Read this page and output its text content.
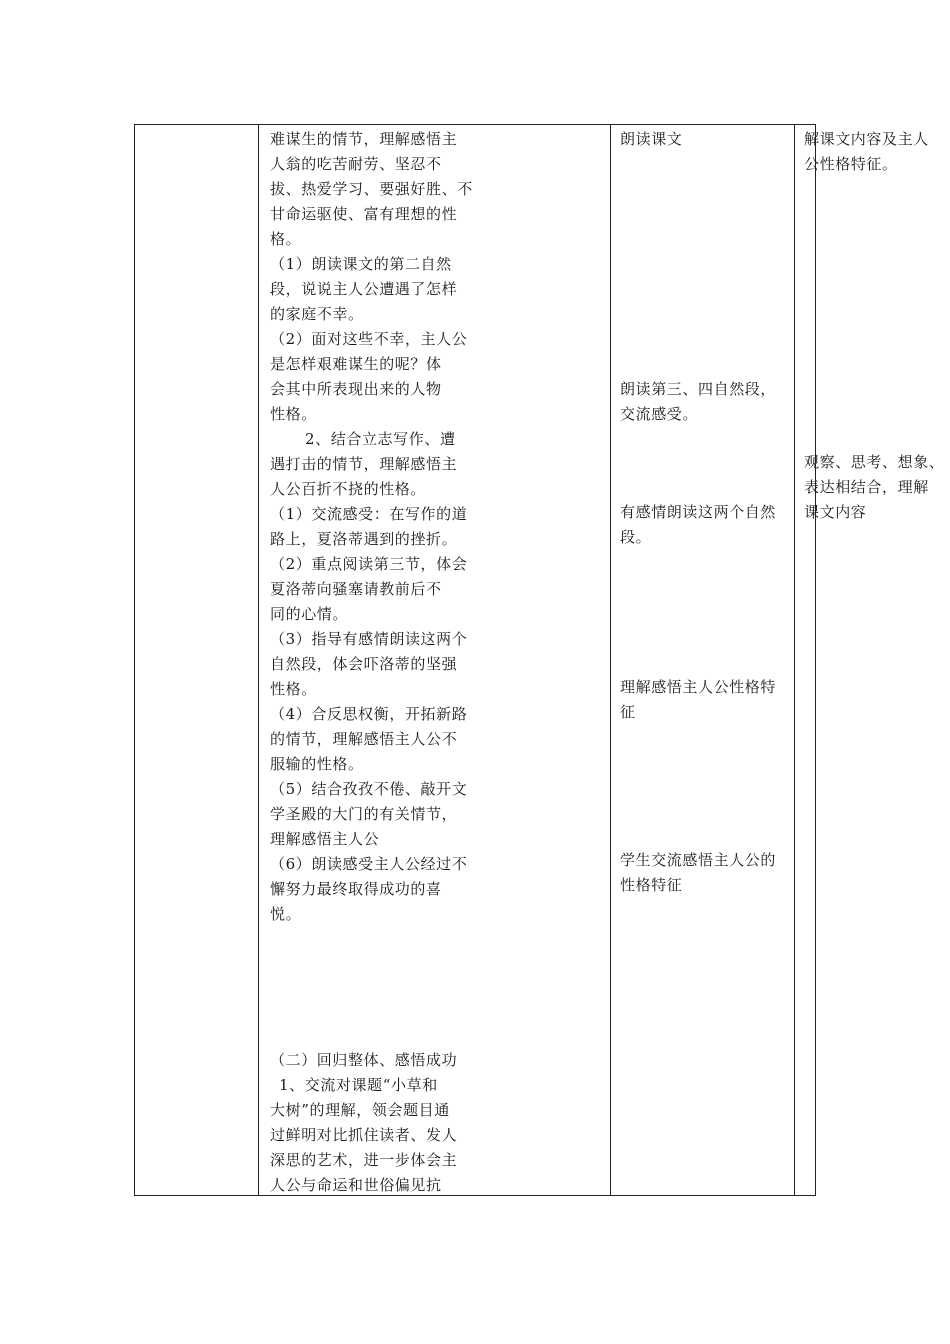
难谋生的情节，理解感悟主
人翁的吃苦耐劳、坚忍不
拔、热爱学习、要强好胜、不
甘命运驱使、富有理想的性
格。
（1）朗读课文的第二自然
段，说说主人公遭遇了怎样
的家庭不幸。
（2）面对这些不幸，主人公
是怎样艰难谋生的呢？体
会其中所表现出来的人物
性格。
2、结合立志写作、遭
遇打击的情节，理解感悟主
人公百折不挠的性格。
（1）交流感受：在写作的道
路上，夏洛蒂遇到的挫折。
（2）重点阅读第三节，体会
夏洛蒂向骚塞请教前后不
同的心情。
（3）指导有感情朗读这两个
自然段，体会吓洛蒂的坚强
性格。
（4）合反思权衡，开拓新路
的情节，理解感悟主人公不
服输的性格。
（5）结合孜孜不倦、敲开文
学圣殿的大门的有关情节，
理解感悟主人公
（6）朗读感受主人公经过不
懈努力最终取得成功的喜
悦。
（二）回归整体、感悟成功
1、交流对课题“小草和
大树”的理解，领会题目通
过鲜明对比抓住读者、发人
深思的艺术，进一步体会主
人公与命运和世俗偏见抗
朗读课文
朗读第三、四自然段，
交流感受。
有感情朗读这两个自然
段。
理解感悟主人公性格特
征
学生交流感悟主人公的
性格特征
解课文内容及主人
公性格特征。
观察、思考、想象、
表达相结合，理解
课文内容
